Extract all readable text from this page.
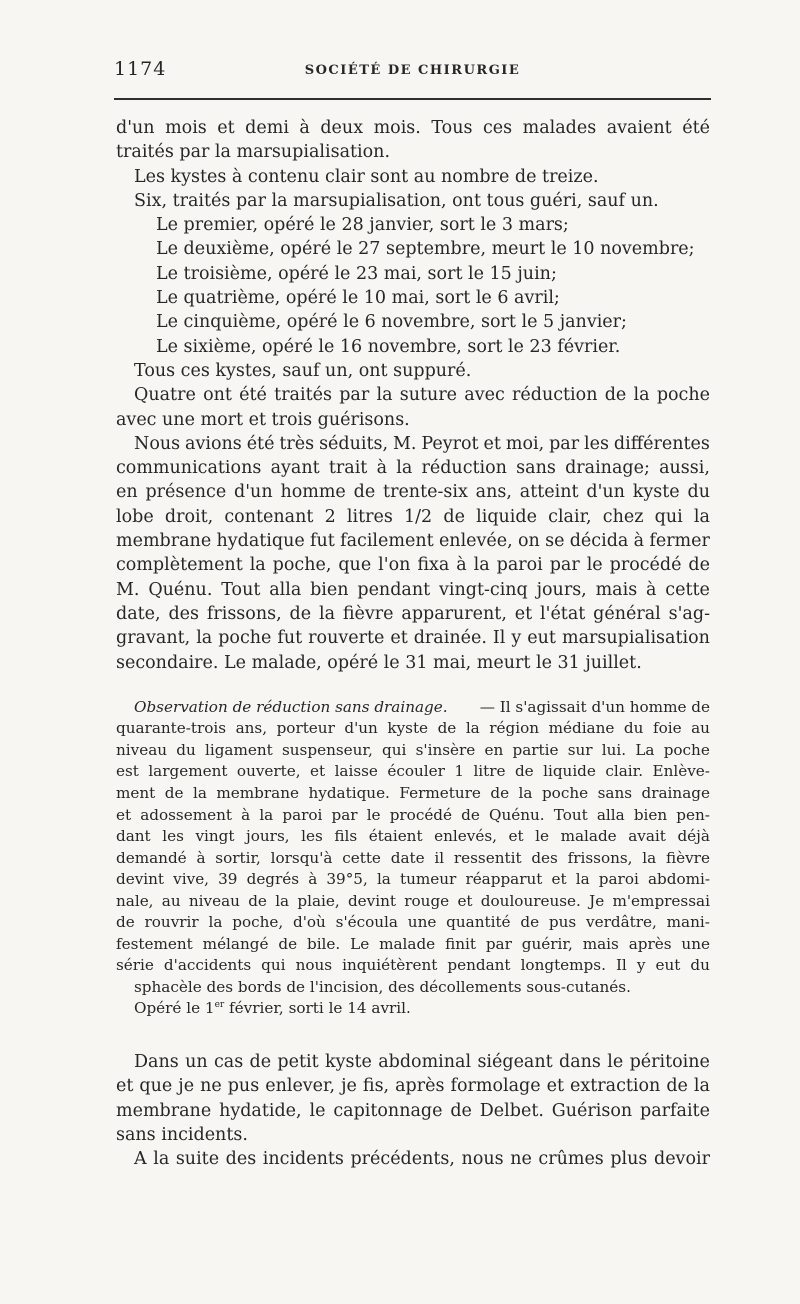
1174	SOCIÉTÉ DE CHIRURGIE
d'un mois et demi à deux mois. Tous ces malades avaient été
traités par la marsupialisation.
Les kystes à contenu clair sont au nombre de treize.
Six, traités par la marsupialisation, ont tous guéri, sauf un.
Le premier, opéré le 28 janvier, sort le 3 mars;
Le deuxième, opéré le 27 septembre, meurt le 10 novembre;
Le troisième, opéré le 23 mai, sort le 15 juin;
Le quatrième, opéré le 10 mai, sort le 6 avril;
Le cinquième, opéré le 6 novembre, sort le 5 janvier;
Le sixième, opéré le 16 novembre, sort le 23 février.
Tous ces kystes, sauf un, ont suppuré.
Quatre ont été traités par la suture avec réduction de la poche
avec une mort et trois guérisons.
Nous avions été très séduits, M. Peyrot et moi, par les différentes
communications ayant trait à la réduction sans drainage; aussi,
en présence d'un homme de trente-six ans, atteint d'un kyste du
lobe droit, contenant 2 litres 1/2 de liquide clair, chez qui la
membrane hydatique fut facilement enlevée, on se décida à fermer
complètement la poche, que l'on fixa à la paroi par le procédé de
M. Quénu. Tout alla bien pendant vingt-cinq jours, mais à cette
date, des frissons, de la fièvre apparurent, et l'état général s'ag-
gravant, la poche fut rouverte et drainée. Il y eut marsupialisation
secondaire. Le malade, opéré le 31 mai, meurt le 31 juillet.
Observation de réduction sans drainage. — Il s'agissait d'un homme de
quarante-trois ans, porteur d'un kyste de la région médiane du foie au
niveau du ligament suspenseur, qui s'insère en partie sur lui. La poche
est largement ouverte, et laisse écouler 1 litre de liquide clair. Enlève-
ment de la membrane hydatique. Fermeture de la poche sans drainage
et adossement à la paroi par le procédé de Quénu. Tout alla bien pen-
dant les vingt jours, les fils étaient enlevés, et le malade avait déjà
demandé à sortir, lorsqu'à cette date il ressentit des frissons, la fièvre
devint vive, 39 degrés à 39°5, la tumeur réapparut et la paroi abdomi-
nale, au niveau de la plaie, devint rouge et douloureuse. Je m'empressai
de rouvrir la poche, d'où s'écoula une quantité de pus verdâtre, mani-
festement mélangé de bile. Le malade finit par guérir, mais après une
série d'accidents qui nous inquiétèrent pendant longtemps. Il y eut du
sphacèle des bords de l'incision, des décollements sous-cutanés.
Opéré le 1er février, sorti le 14 avril.
Dans un cas de petit kyste abdominal siégeant dans le péritoine
et que je ne pus enlever, je fis, après formolage et extraction de la
membrane hydatide, le capitonnage de Delbet. Guérison parfaite
sans incidents.
A la suite des incidents précédents, nous ne crûmes plus devoir
